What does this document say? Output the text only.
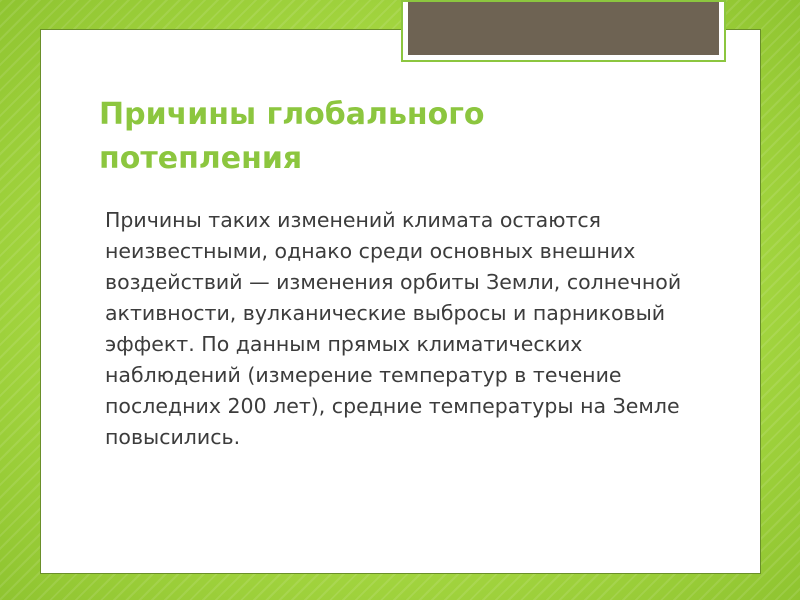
Причины глобального потепления

Причины таких изменений климата остаются неизвестными, однако среди основных внешних воздействий — изменения орбиты Земли, солнечной активности, вулканические выбросы и парниковый эффект. По данным прямых климатических наблюдений (измерение температур в течение последних 200 лет), средние температуры на Земле повысились.
